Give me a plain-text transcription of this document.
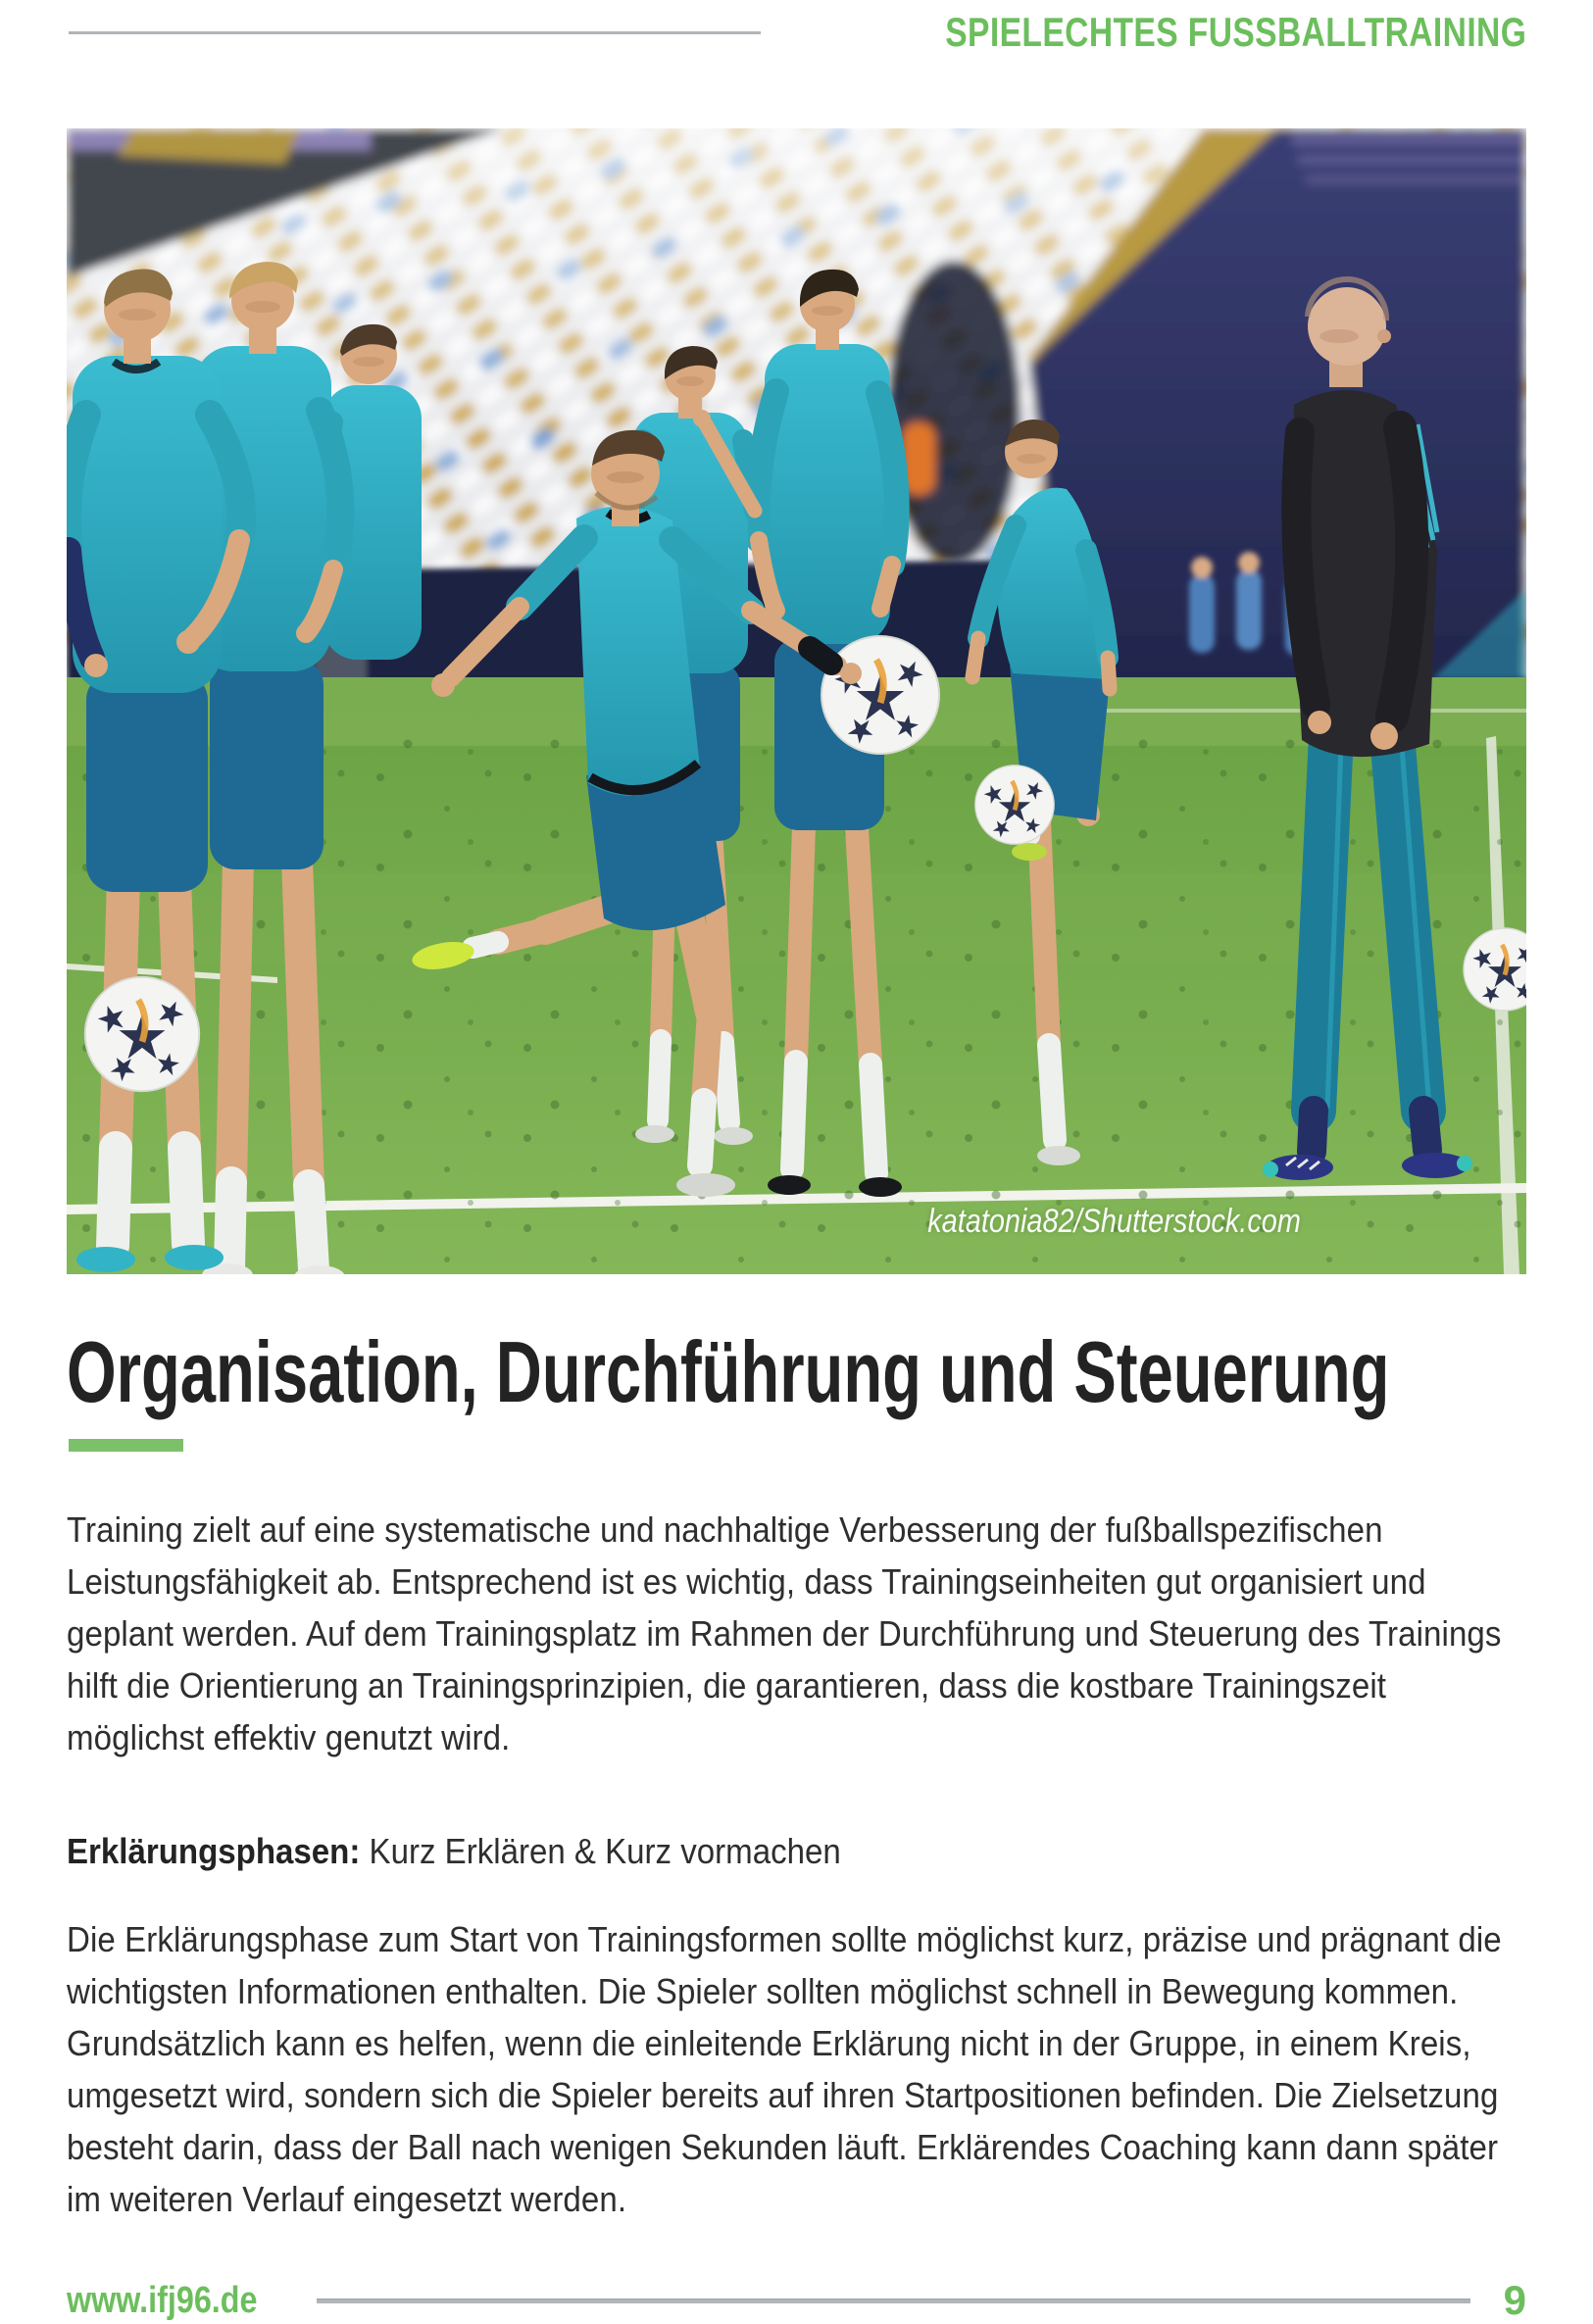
SPIELECHTES FUSSBALLTRAINING
katatonia82/Shutterstock.com
Organisation, Durchführung und Steuerung

Training zielt auf eine systematische und nachhaltige Verbesserung der fußballspezifischen Leistungsfähigkeit ab. Entsprechend ist es wichtig, dass Trainingseinheiten gut organisiert und geplant werden. Auf dem Trainingsplatz im Rahmen der Durchführung und Steuerung des Trainings hilft die Orientierung an Trainingsprinzipien, die garantieren, dass die kostbare Trainingszeit möglichst effektiv genutzt wird.

Erklärungsphasen: Kurz Erklären & Kurz vormachen

Die Erklärungsphase zum Start von Trainingsformen sollte möglichst kurz, präzise und prägnant die wichtigsten Informationen enthalten. Die Spieler sollten möglichst schnell in Bewegung kommen. Grundsätzlich kann es helfen, wenn die einleitende Erklärung nicht in der Gruppe, in einem Kreis, umgesetzt wird, sondern sich die Spieler bereits auf ihren Startpositionen befinden. Die Zielsetzung besteht darin, dass der Ball nach wenigen Sekunden läuft. Erklärendes Coaching kann dann später im weiteren Verlauf eingesetzt werden.

www.ifj96.de	9
